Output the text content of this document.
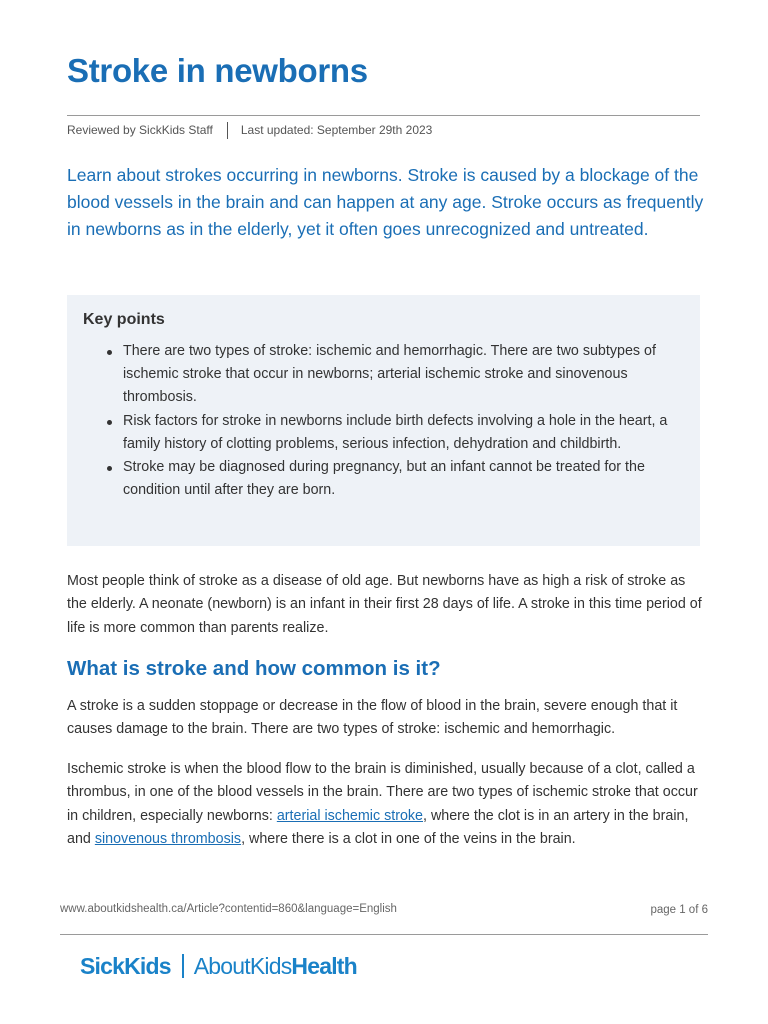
Stroke in newborns
Reviewed by SickKids Staff Last updated: September 29th 2023

Learn about strokes occurring in newborns. Stroke is caused by a blockage of the blood vessels in the brain and can happen at any age. Stroke occurs as frequently in newborns as in the elderly, yet it often goes unrecognized and untreated.

Key points
There are two types of stroke: ischemic and hemorrhagic. There are two subtypes of ischemic stroke that occur in newborns; arterial ischemic stroke and sinovenous thrombosis.
Risk factors for stroke in newborns include birth defects involving a hole in the heart, a family history of clotting problems, serious infection, dehydration and childbirth.
Stroke may be diagnosed during pregnancy, but an infant cannot be treated for the condition until after they are born.

Most people think of stroke as a disease of old age. But newborns have as high a risk of stroke as the elderly. A neonate (newborn) is an infant in their first 28 days of life. A stroke in this time period of life is more common than parents realize.

What is stroke and how common is it?

A stroke is a sudden stoppage or decrease in the flow of blood in the brain, severe enough that it causes damage to the brain. There are two types of stroke: ischemic and hemorrhagic.

Ischemic stroke is when the blood flow to the brain is diminished, usually because of a clot, called a thrombus, in one of the blood vessels in the brain. There are two types of ischemic stroke that occur in children, especially newborns: arterial ischemic stroke, where the clot is in an artery in the brain, and sinovenous thrombosis, where there is a clot in one of the veins in the brain.

www.aboutkidshealth.ca/Article?contentid=860&language=English	page 1 of 6
SickKids AboutKids Health
